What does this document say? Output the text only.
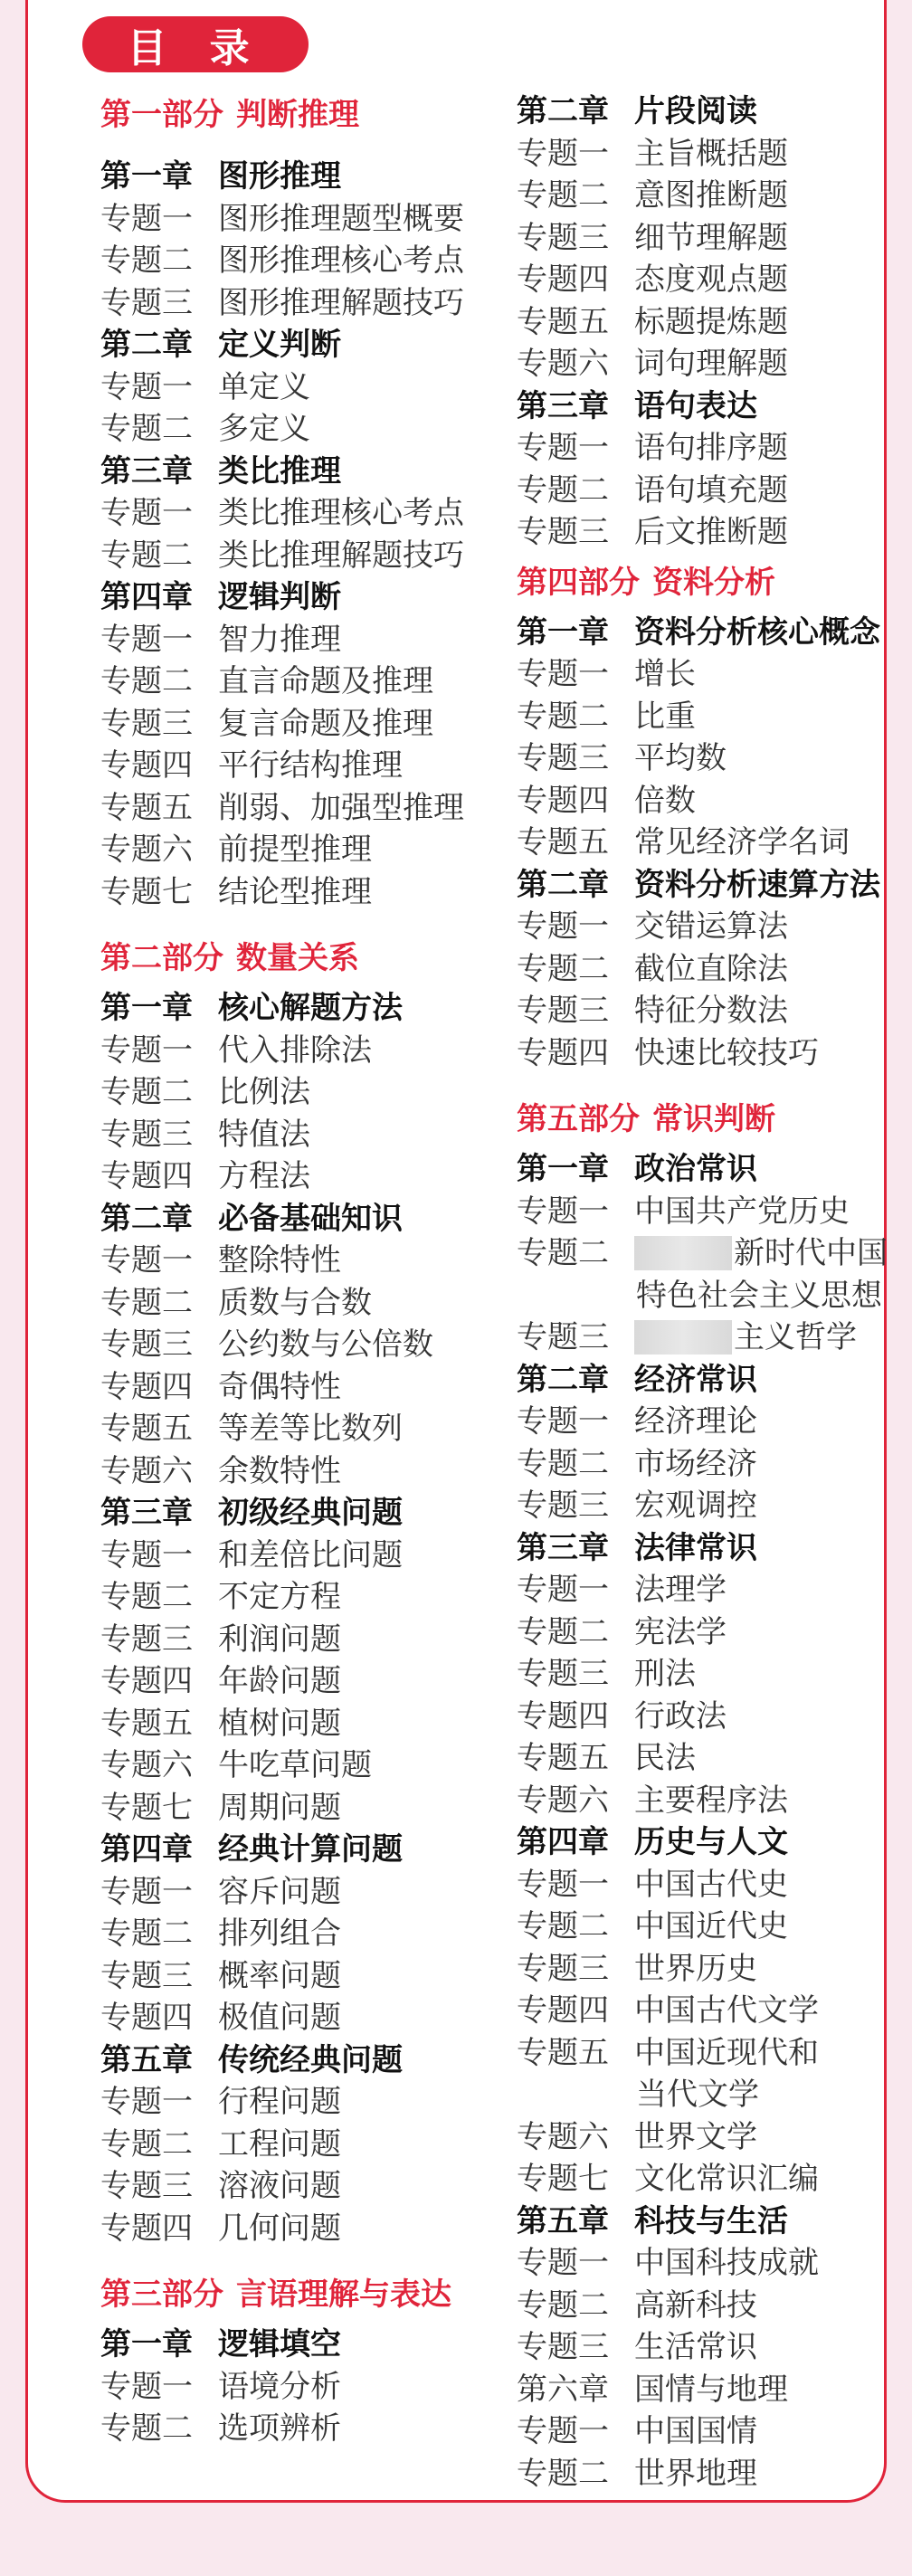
目 录
第一部分 判断推理
第一章 图形推理
专题一 图形推理题型概要
专题二 图形推理核心考点
专题三 图形推理解题技巧
第二章 定义判断
专题一 单定义
专题二 多定义
第三章 类比推理
专题一 类比推理核心考点
专题二 类比推理解题技巧
第四章 逻辑判断
专题一 智力推理
专题二 直言命题及推理
专题三 复言命题及推理
专题四 平行结构推理
专题五 削弱、加强型推理
专题六 前提型推理
专题七 结论型推理
第二部分 数量关系
第一章 核心解题方法
专题一 代入排除法
专题二 比例法
专题三 特值法
专题四 方程法
第二章 必备基础知识
专题一 整除特性
专题二 质数与合数
专题三 公约数与公倍数
专题四 奇偶特性
专题五 等差等比数列
专题六 余数特性
第三章 初级经典问题
专题一 和差倍比问题
专题二 不定方程
专题三 利润问题
专题四 年龄问题
专题五 植树问题
专题六 牛吃草问题
专题七 周期问题
第四章 经典计算问题
专题一 容斥问题
专题二 排列组合
专题三 概率问题
专题四 极值问题
第五章 传统经典问题
专题一 行程问题
专题二 工程问题
专题三 溶液问题
专题四 几何问题
第三部分 言语理解与表达
第一章 逻辑填空
专题一 语境分析
专题二 选项辨析
第二章 片段阅读
专题一 主旨概括题
专题二 意图推断题
专题三 细节理解题
专题四 态度观点题
专题五 标题提炼题
专题六 词句理解题
第三章 语句表达
专题一 语句排序题
专题二 语句填充题
专题三 后文推断题
第四部分 资料分析
第一章 资料分析核心概念
专题一 增长
专题二 比重
专题三 平均数
专题四 倍数
专题五 常见经济学名词
第二章 资料分析速算方法
专题一 交错运算法
专题二 截位直除法
专题三 特征分数法
专题四 快速比较技巧
第五部分 常识判断
第一章 政治常识
专题一 中国共产党历史
专题二	新时代中国
特色社会主义思想
专题三	主义哲学
第二章 经济常识
专题一 经济理论
专题二 市场经济
专题三 宏观调控
第三章 法律常识
专题一 法理学
专题二 宪法学
专题三 刑法
专题四 行政法
专题五 民法
专题六 主要程序法
第四章 历史与人文
专题一 中国古代史
专题二 中国近代史
专题三 世界历史
专题四 中国古代文学
专题五 中国近现代和
当代文学
专题六 世界文学
专题七 文化常识汇编
第五章 科技与生活
专题一 中国科技成就
专题二 高新科技
专题三 生活常识
第六章 国情与地理
专题一 中国国情
专题二 世界地理
